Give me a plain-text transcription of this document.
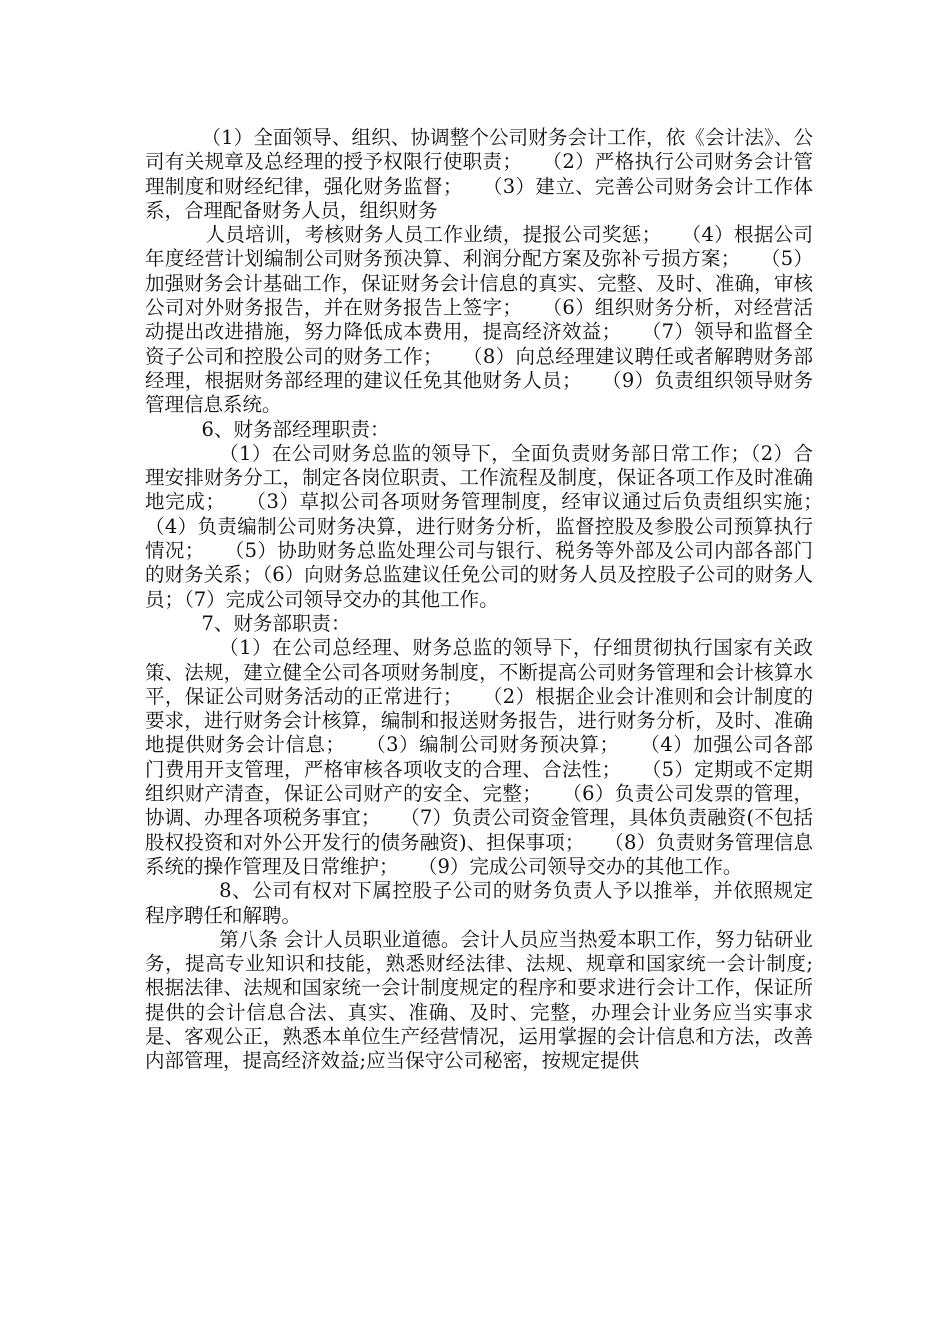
（1）全面领导、组织、协调整个公司财务会计工作，依《会计法》、公司有关规章及总经理的授予权限行使职责；　　（2）严格执行公司财务会计管理制度和财经纪律，强化财务监督；　　（3）建立、完善公司财务会计工作体系，合理配备财务人员，组织财务

人员培训，考核财务人员工作业绩，提报公司奖惩；　　（4）根据公司年度经营计划编制公司财务预决算、利润分配方案及弥补亏损方案；　　（5）加强财务会计基础工作，保证财务会计信息的真实、完整、及时、准确，审核公司对外财务报告，并在财务报告上签字；　　（6）组织财务分析，对经营活动提出改进措施，努力降低成本费用，提高经济效益；　　（7）领导和监督全资子公司和控股公司的财务工作；　　（8）向总经理建议聘任或者解聘财务部经理，根据财务部经理的建议任免其他财务人员；　　（9）负责组织领导财务管理信息系统。

6、财务部经理职责：

（1）在公司财务总监的领导下，全面负责财务部日常工作；（2）合理安排财务分工，制定各岗位职责、工作流程及制度，保证各项工作及时准确地完成；　　（3）草拟公司各项财务管理制度，经审议通过后负责组织实施；　　（4）负责编制公司财务决算，进行财务分析，监督控股及参股公司预算执行情况；　　（5）协助财务总监处理公司与银行、税务等外部及公司内部各部门的财务关系；（6）向财务总监建议任免公司的财务人员及控股子公司的财务人员；（7）完成公司领导交办的其他工作。

7、财务部职责：

（1）在公司总经理、财务总监的领导下，仔细贯彻执行国家有关政策、法规，建立健全公司各项财务制度，不断提高公司财务管理和会计核算水平，保证公司财务活动的正常进行；　　（2）根据企业会计准则和会计制度的要求，进行财务会计核算，编制和报送财务报告，进行财务分析，及时、准确地提供财务会计信息；　　（3）编制公司财务预决算；　　（4）加强公司各部门费用开支管理，严格审核各项收支的合理、合法性；　　（5）定期或不定期组织财产清查，保证公司财产的安全、完整；　　（6）负责公司发票的管理，协调、办理各项税务事宜；　　（7）负责公司资金管理，具体负责融资(不包括股权投资和对外公开发行的债务融资)、担保事项；　　（8）负责财务管理信息系统的操作管理及日常维护；　　（9）完成公司领导交办的其他工作。

8、公司有权对下属控股子公司的财务负责人予以推举，并依照规定程序聘任和解聘。

第八条 会计人员职业道德。会计人员应当热爱本职工作，努力钻研业务，提高专业知识和技能，熟悉财经法律、法规、规章和国家统一会计制度;根据法律、法规和国家统一会计制度规定的程序和要求进行会计工作，保证所提供的会计信息合法、真实、准确、及时、完整，办理会计业务应当实事求是、客观公正，熟悉本单位生产经营情况，运用掌握的会计信息和方法，改善内部管理，提高经济效益;应当保守公司秘密，按规定提供
